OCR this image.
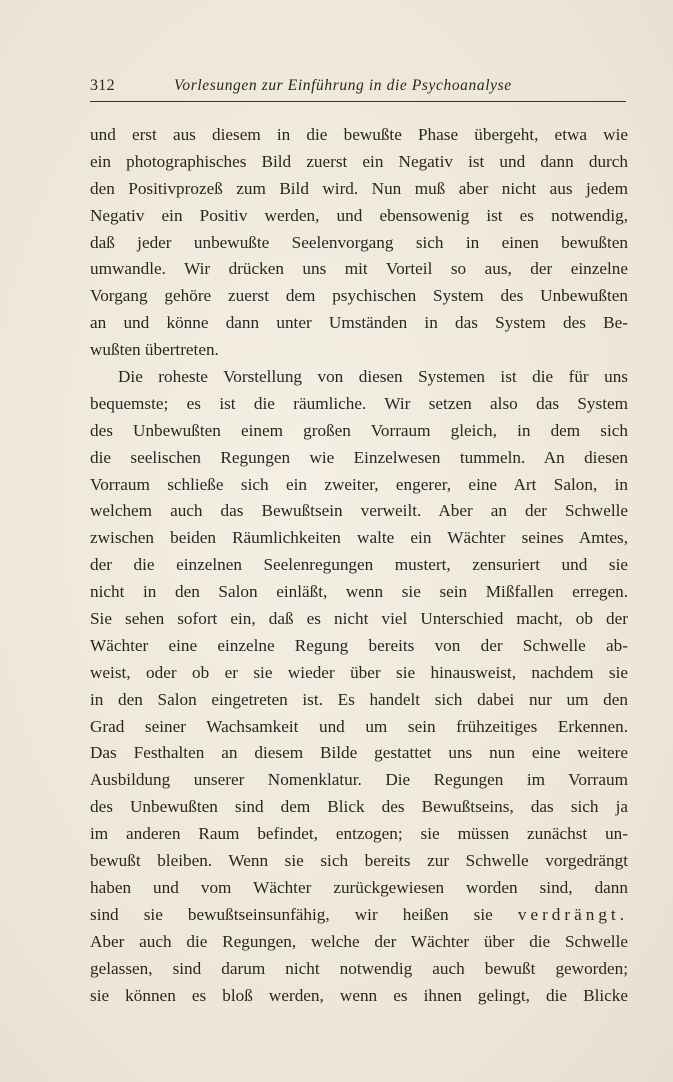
312	Vorlesungen zur Einführung in die Psychoanalyse
und erst aus diesem in die bewußte Phase übergeht, etwa wie
ein photographisches Bild zuerst ein Negativ ist und dann durch
den Positivprozeß zum Bild wird. Nun muß aber nicht aus jedem
Negativ ein Positiv werden, und ebensowenig ist es notwendig,
daß jeder unbewußte Seelenvorgang sich in einen bewußten
umwandle. Wir drücken uns mit Vorteil so aus, der einzelne
Vorgang gehöre zuerst dem psychischen System des Unbewußten
an und könne dann unter Umständen in das System des Be-
wußten übertreten.
Die roheste Vorstellung von diesen Systemen ist die für uns
bequemste; es ist die räumliche. Wir setzen also das System
des Unbewußten einem großen Vorraum gleich, in dem sich
die seelischen Regungen wie Einzelwesen tummeln. An diesen
Vorraum schließe sich ein zweiter, engerer, eine Art Salon, in
welchem auch das Bewußtsein verweilt. Aber an der Schwelle
zwischen beiden Räumlichkeiten walte ein Wächter seines Amtes,
der die einzelnen Seelenregungen mustert, zensuriert und sie
nicht in den Salon einläßt, wenn sie sein Mißfallen erregen.
Sie sehen sofort ein, daß es nicht viel Unterschied macht, ob der
Wächter eine einzelne Regung bereits von der Schwelle ab-
weist, oder ob er sie wieder über sie hinausweist, nachdem sie
in den Salon eingetreten ist. Es handelt sich dabei nur um den
Grad seiner Wachsamkeit und um sein frühzeitiges Erkennen.
Das Festhalten an diesem Bilde gestattet uns nun eine weitere
Ausbildung unserer Nomenklatur. Die Regungen im Vorraum
des Unbewußten sind dem Blick des Bewußtseins, das sich ja
im anderen Raum befindet, entzogen; sie müssen zunächst un-
bewußt bleiben. Wenn sie sich bereits zur Schwelle vorgedrängt
haben und vom Wächter zurückgewiesen worden sind, dann
sind sie bewußtseinsunfähig, wir heißen sie verdrängt.
Aber auch die Regungen, welche der Wächter über die Schwelle
gelassen, sind darum nicht notwendig auch bewußt geworden;
sie können es bloß werden, wenn es ihnen gelingt, die Blicke
